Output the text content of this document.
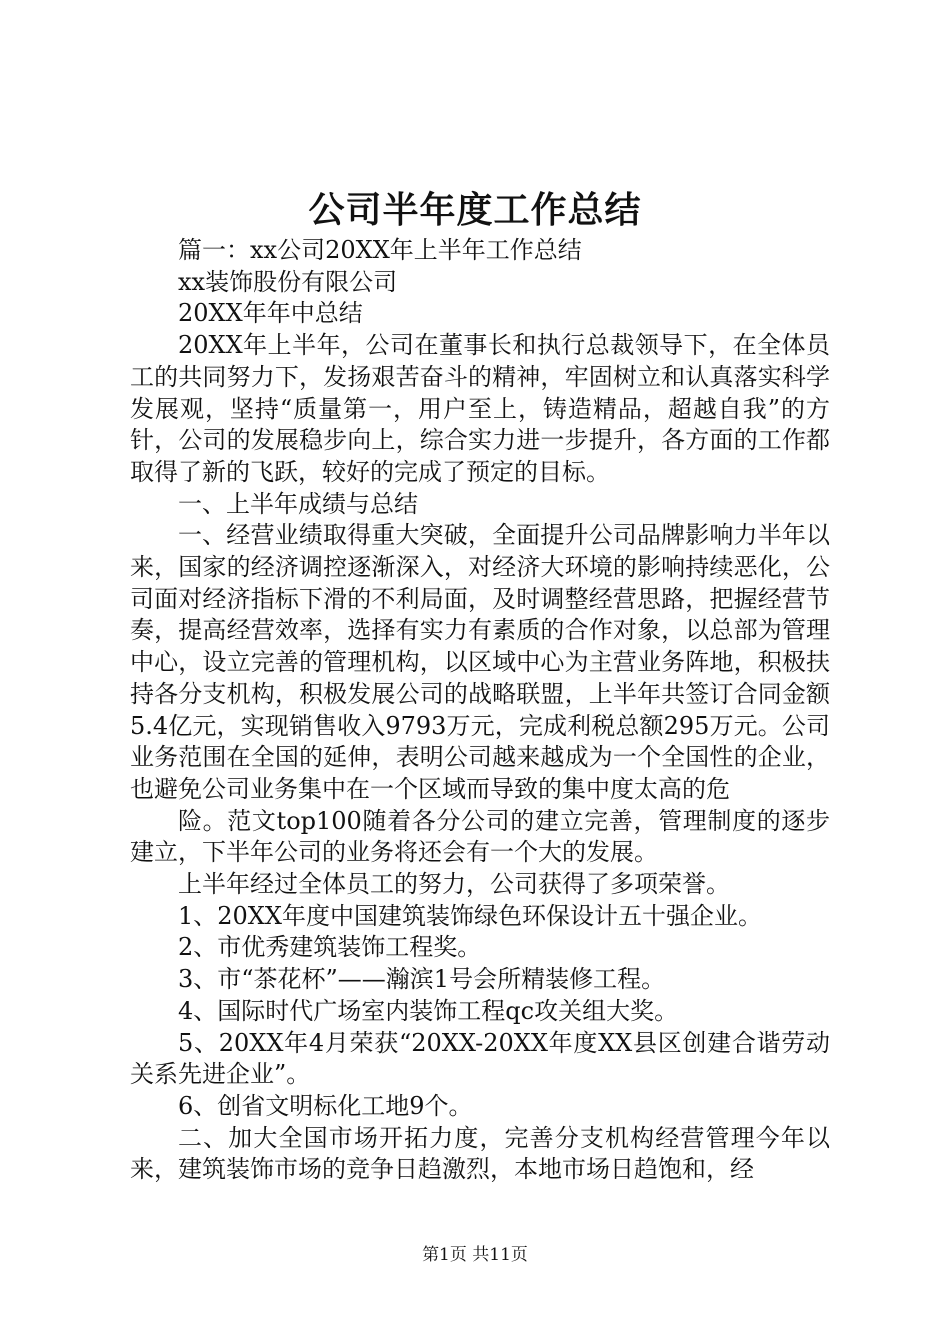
公司半年度工作总结

篇一：xx公司20XX年上半年工作总结

xx装饰股份有限公司

20XX年年中总结

20XX年上半年，公司在董事长和执行总裁领导下，在全体员工的共同努力下，发扬艰苦奋斗的精神，牢固树立和认真落实科学发展观，坚持“质量第一，用户至上，铸造精品，超越自我”的方针，公司的发展稳步向上，综合实力进一步提升，各方面的工作都取得了新的飞跃，较好的完成了预定的目标。

一、上半年成绩与总结

一、经营业绩取得重大突破，全面提升公司品牌影响力半年以来，国家的经济调控逐渐深入，对经济大环境的影响持续恶化，公司面对经济指标下滑的不利局面，及时调整经营思路，把握经营节奏，提高经营效率，选择有实力有素质的合作对象，以总部为管理中心，设立完善的管理机构，以区域中心为主营业务阵地，积极扶持各分支机构，积极发展公司的战略联盟，上半年共签订合同金额5.4亿元，实现销售收入9793万元，完成利税总额295万元。公司业务范围在全国的延伸，表明公司越来越成为一个全国性的企业，也避免公司业务集中在一个区域而导致的集中度太高的危

险。范文top100随着各分公司的建立完善，管理制度的逐步建立，下半年公司的业务将还会有一个大的发展。

上半年经过全体员工的努力，公司获得了多项荣誉。

1、20XX年度中国建筑装饰绿色环保设计五十强企业。

2、市优秀建筑装饰工程奖。

3、市“茶花杯”——瀚滨1号会所精装修工程。

4、国际时代广场室内装饰工程qc攻关组大奖。

5、20XX年4月荣获“20XX-20XX年度XX县区创建合谐劳动关系先进企业”。

6、创省文明标化工地9个。

二、加大全国市场开拓力度，完善分支机构经营管理今年以来，建筑装饰市场的竞争日趋激烈，本地市场日趋饱和，经

第1页 共11页
